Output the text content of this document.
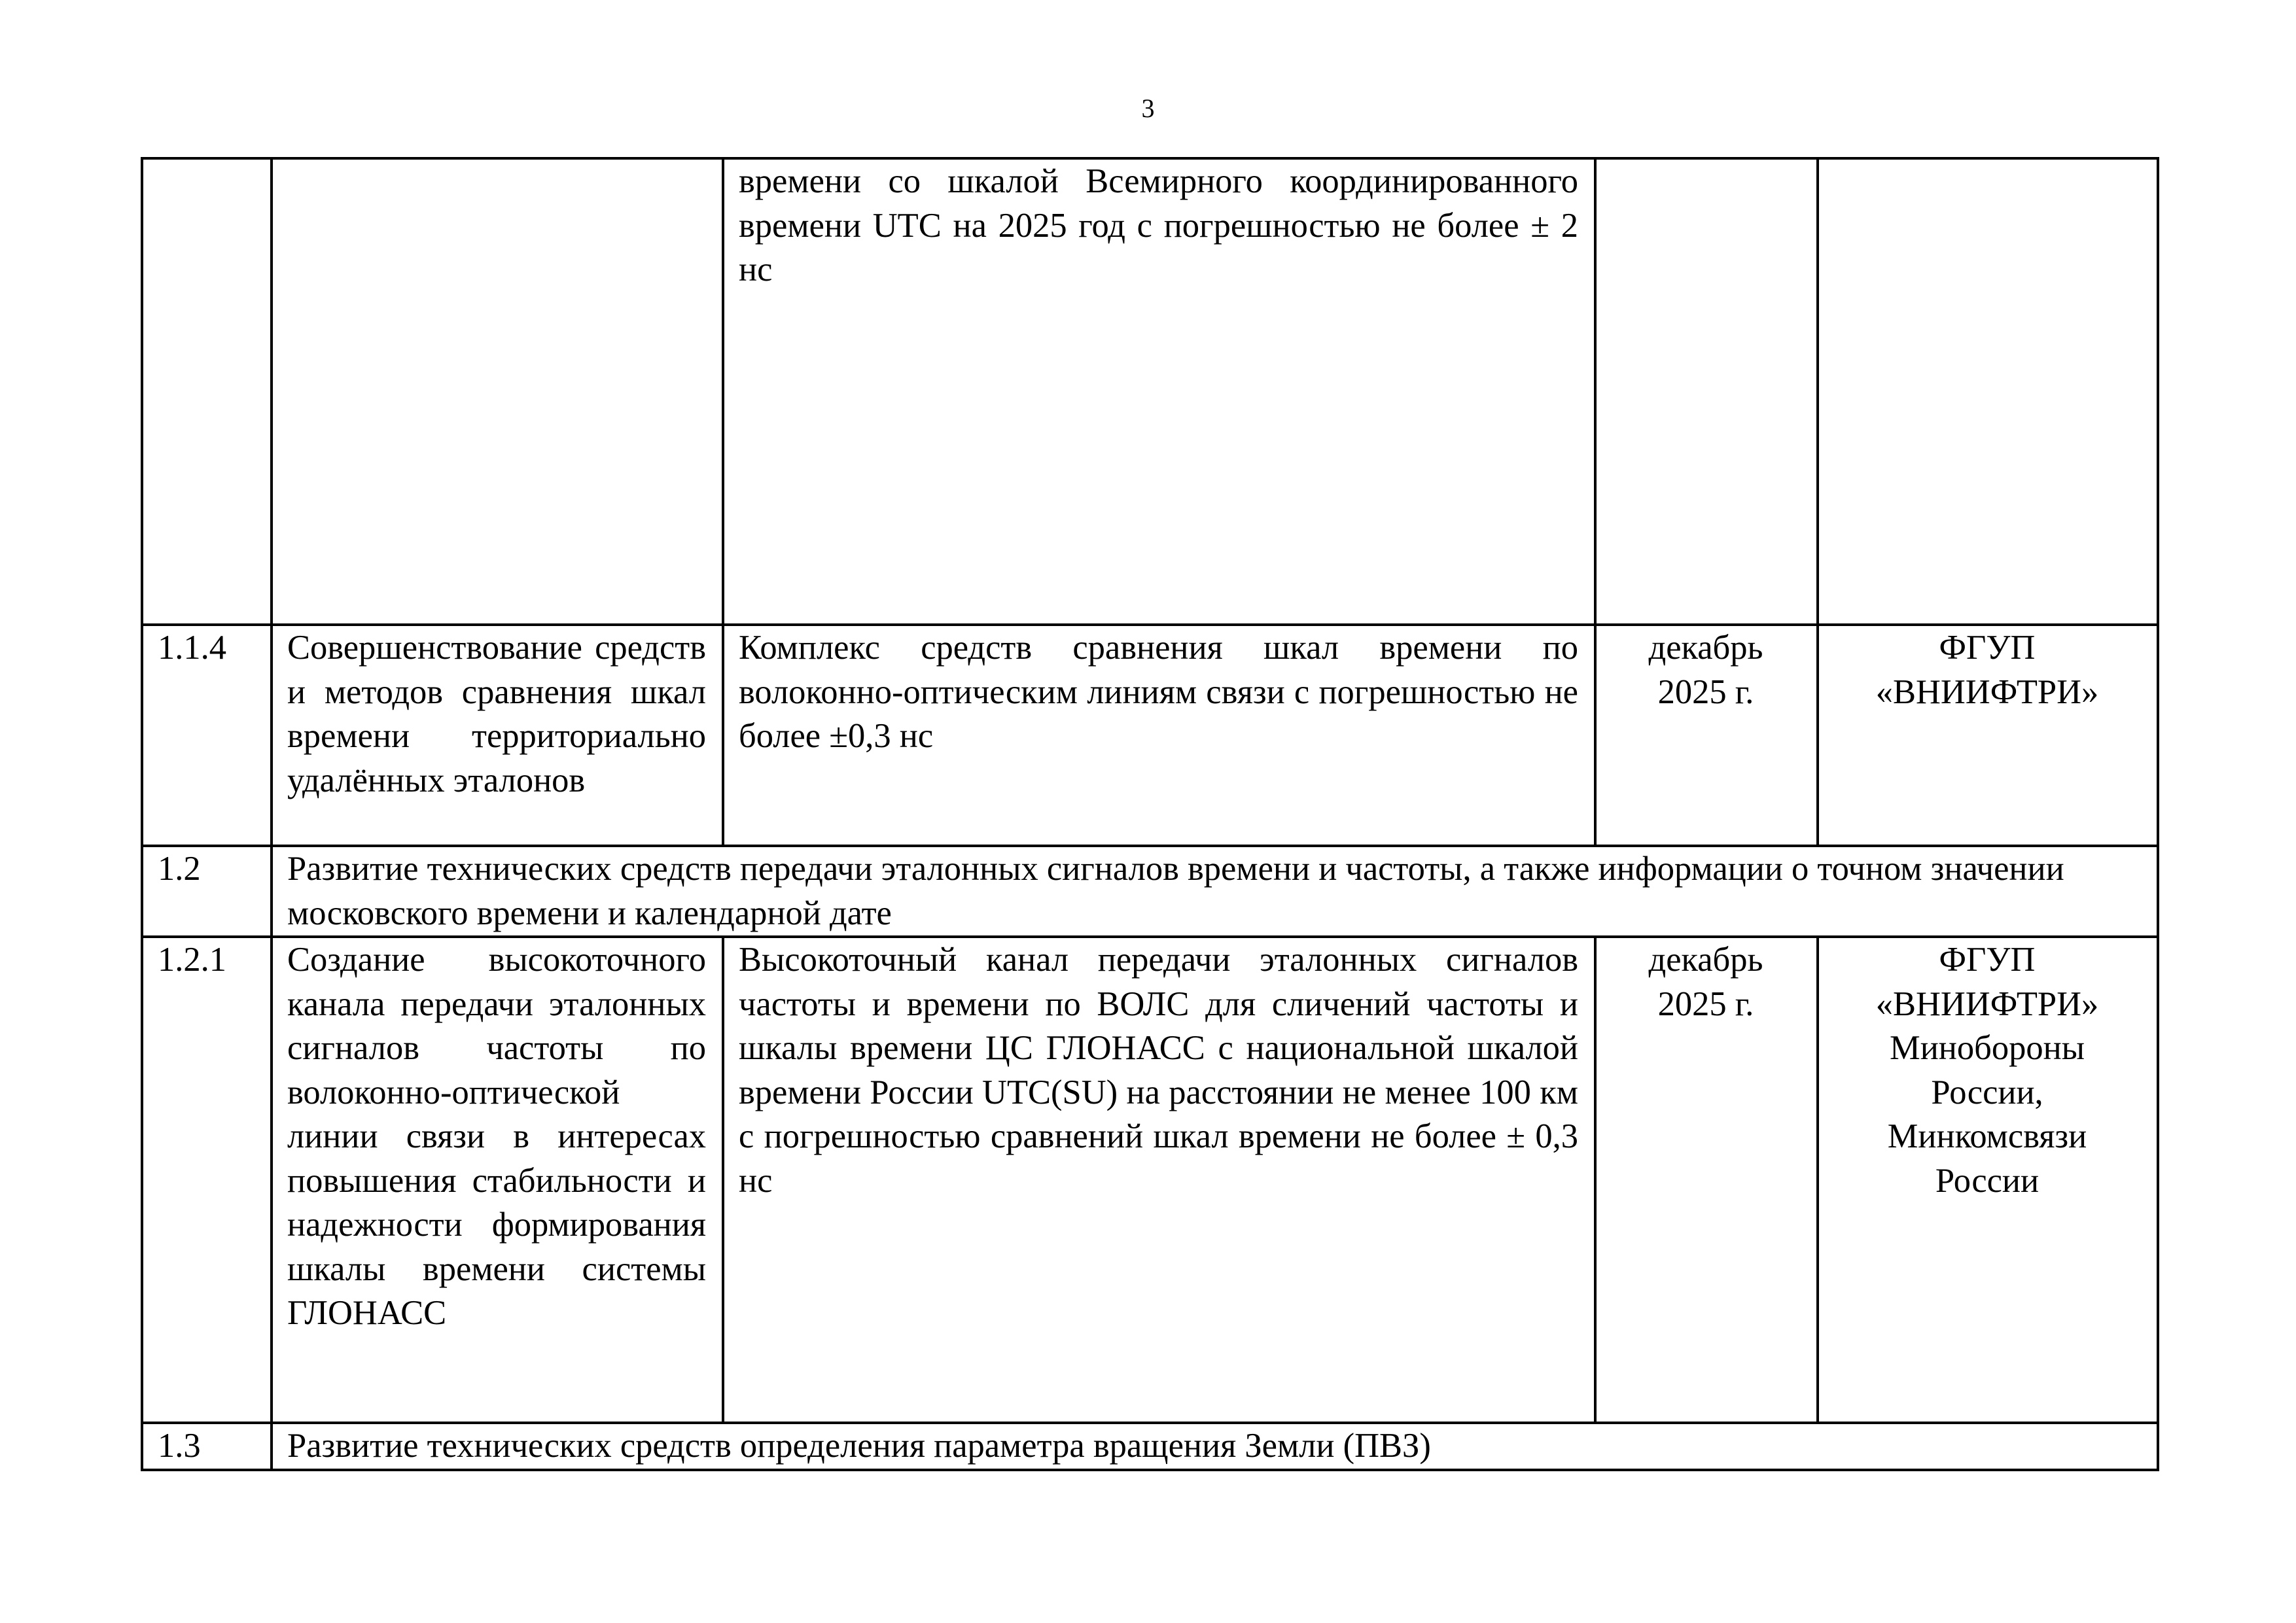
3
		времени со шкалой Всемирного координированного времени UTC на 2025 год с погрешностью не более ± 2 нс		
1.1.4	Совершенствование средств и методов сравнения шкал времени территориально удалённых эталонов	Комплекс средств сравнения шкал времени по волоконно-оптическим линиям связи с погрешностью не более ±0,3 нс	декабрь 2025 г.	ФГУП «ВНИИФТРИ»
1.2	Развитие технических средств передачи эталонных сигналов времени и частоты, а также информации о точном значении московского времени и календарной дате			
1.2.1	Создание высокоточного канала передачи эталонных сигналов частоты по волоконно-оптической линии связи в интересах повышения стабильности и надежности формирования шкалы времени системы ГЛОНАСС	Высокоточный канал передачи эталонных сигналов частоты и времени по ВОЛС для сличений частоты и шкалы времени ЦС ГЛОНАСС с национальной шкалой времени России UTC(SU) на расстоянии не менее 100 км с погрешностью сравнений шкал времени не более ± 0,3 нс	декабрь 2025 г.	ФГУП «ВНИИФТРИ» Минобороны России, Минкомсвязи России
1.3	Развитие технических средств определения параметра вращения Земли (ПВЗ)			
